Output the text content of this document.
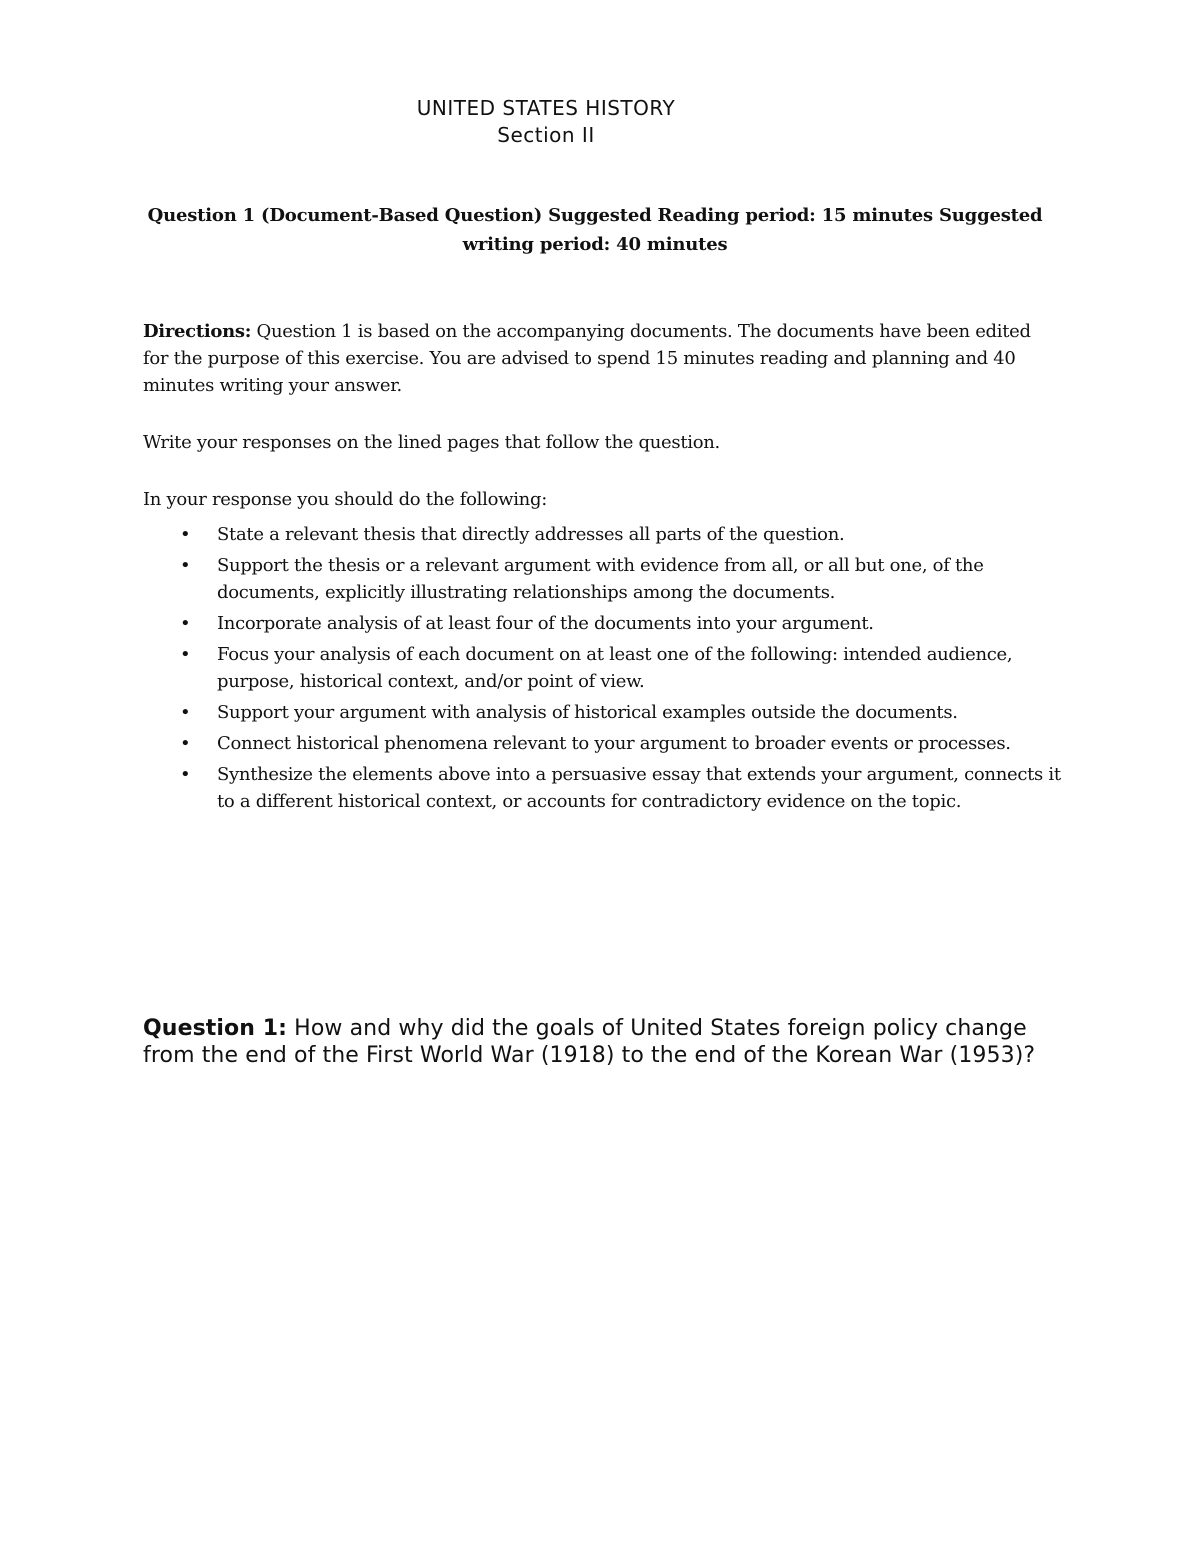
UNITED STATES HISTORY
Section II
Question 1 (Document-Based Question) Suggested Reading period: 15 minutes Suggested writing period: 40 minutes
Directions: Question 1 is based on the accompanying documents. The documents have been edited for the purpose of this exercise. You are advised to spend 15 minutes reading and planning and 40 minutes writing your answer.
Write your responses on the lined pages that follow the question.
In your response you should do the following:
• State a relevant thesis that directly addresses all parts of the question.
• Support the thesis or a relevant argument with evidence from all, or all but one, of the documents, explicitly illustrating relationships among the documents.
• Incorporate analysis of at least four of the documents into your argument.
• Focus your analysis of each document on at least one of the following: intended audience, purpose, historical context, and/or point of view.
• Support your argument with analysis of historical examples outside the documents.
• Connect historical phenomena relevant to your argument to broader events or processes.
• Synthesize the elements above into a persuasive essay that extends your argument, connects it to a different historical context, or accounts for contradictory evidence on the topic.
Question 1: How and why did the goals of United States foreign policy change from the end of the First World War (1918) to the end of the Korean War (1953)?
